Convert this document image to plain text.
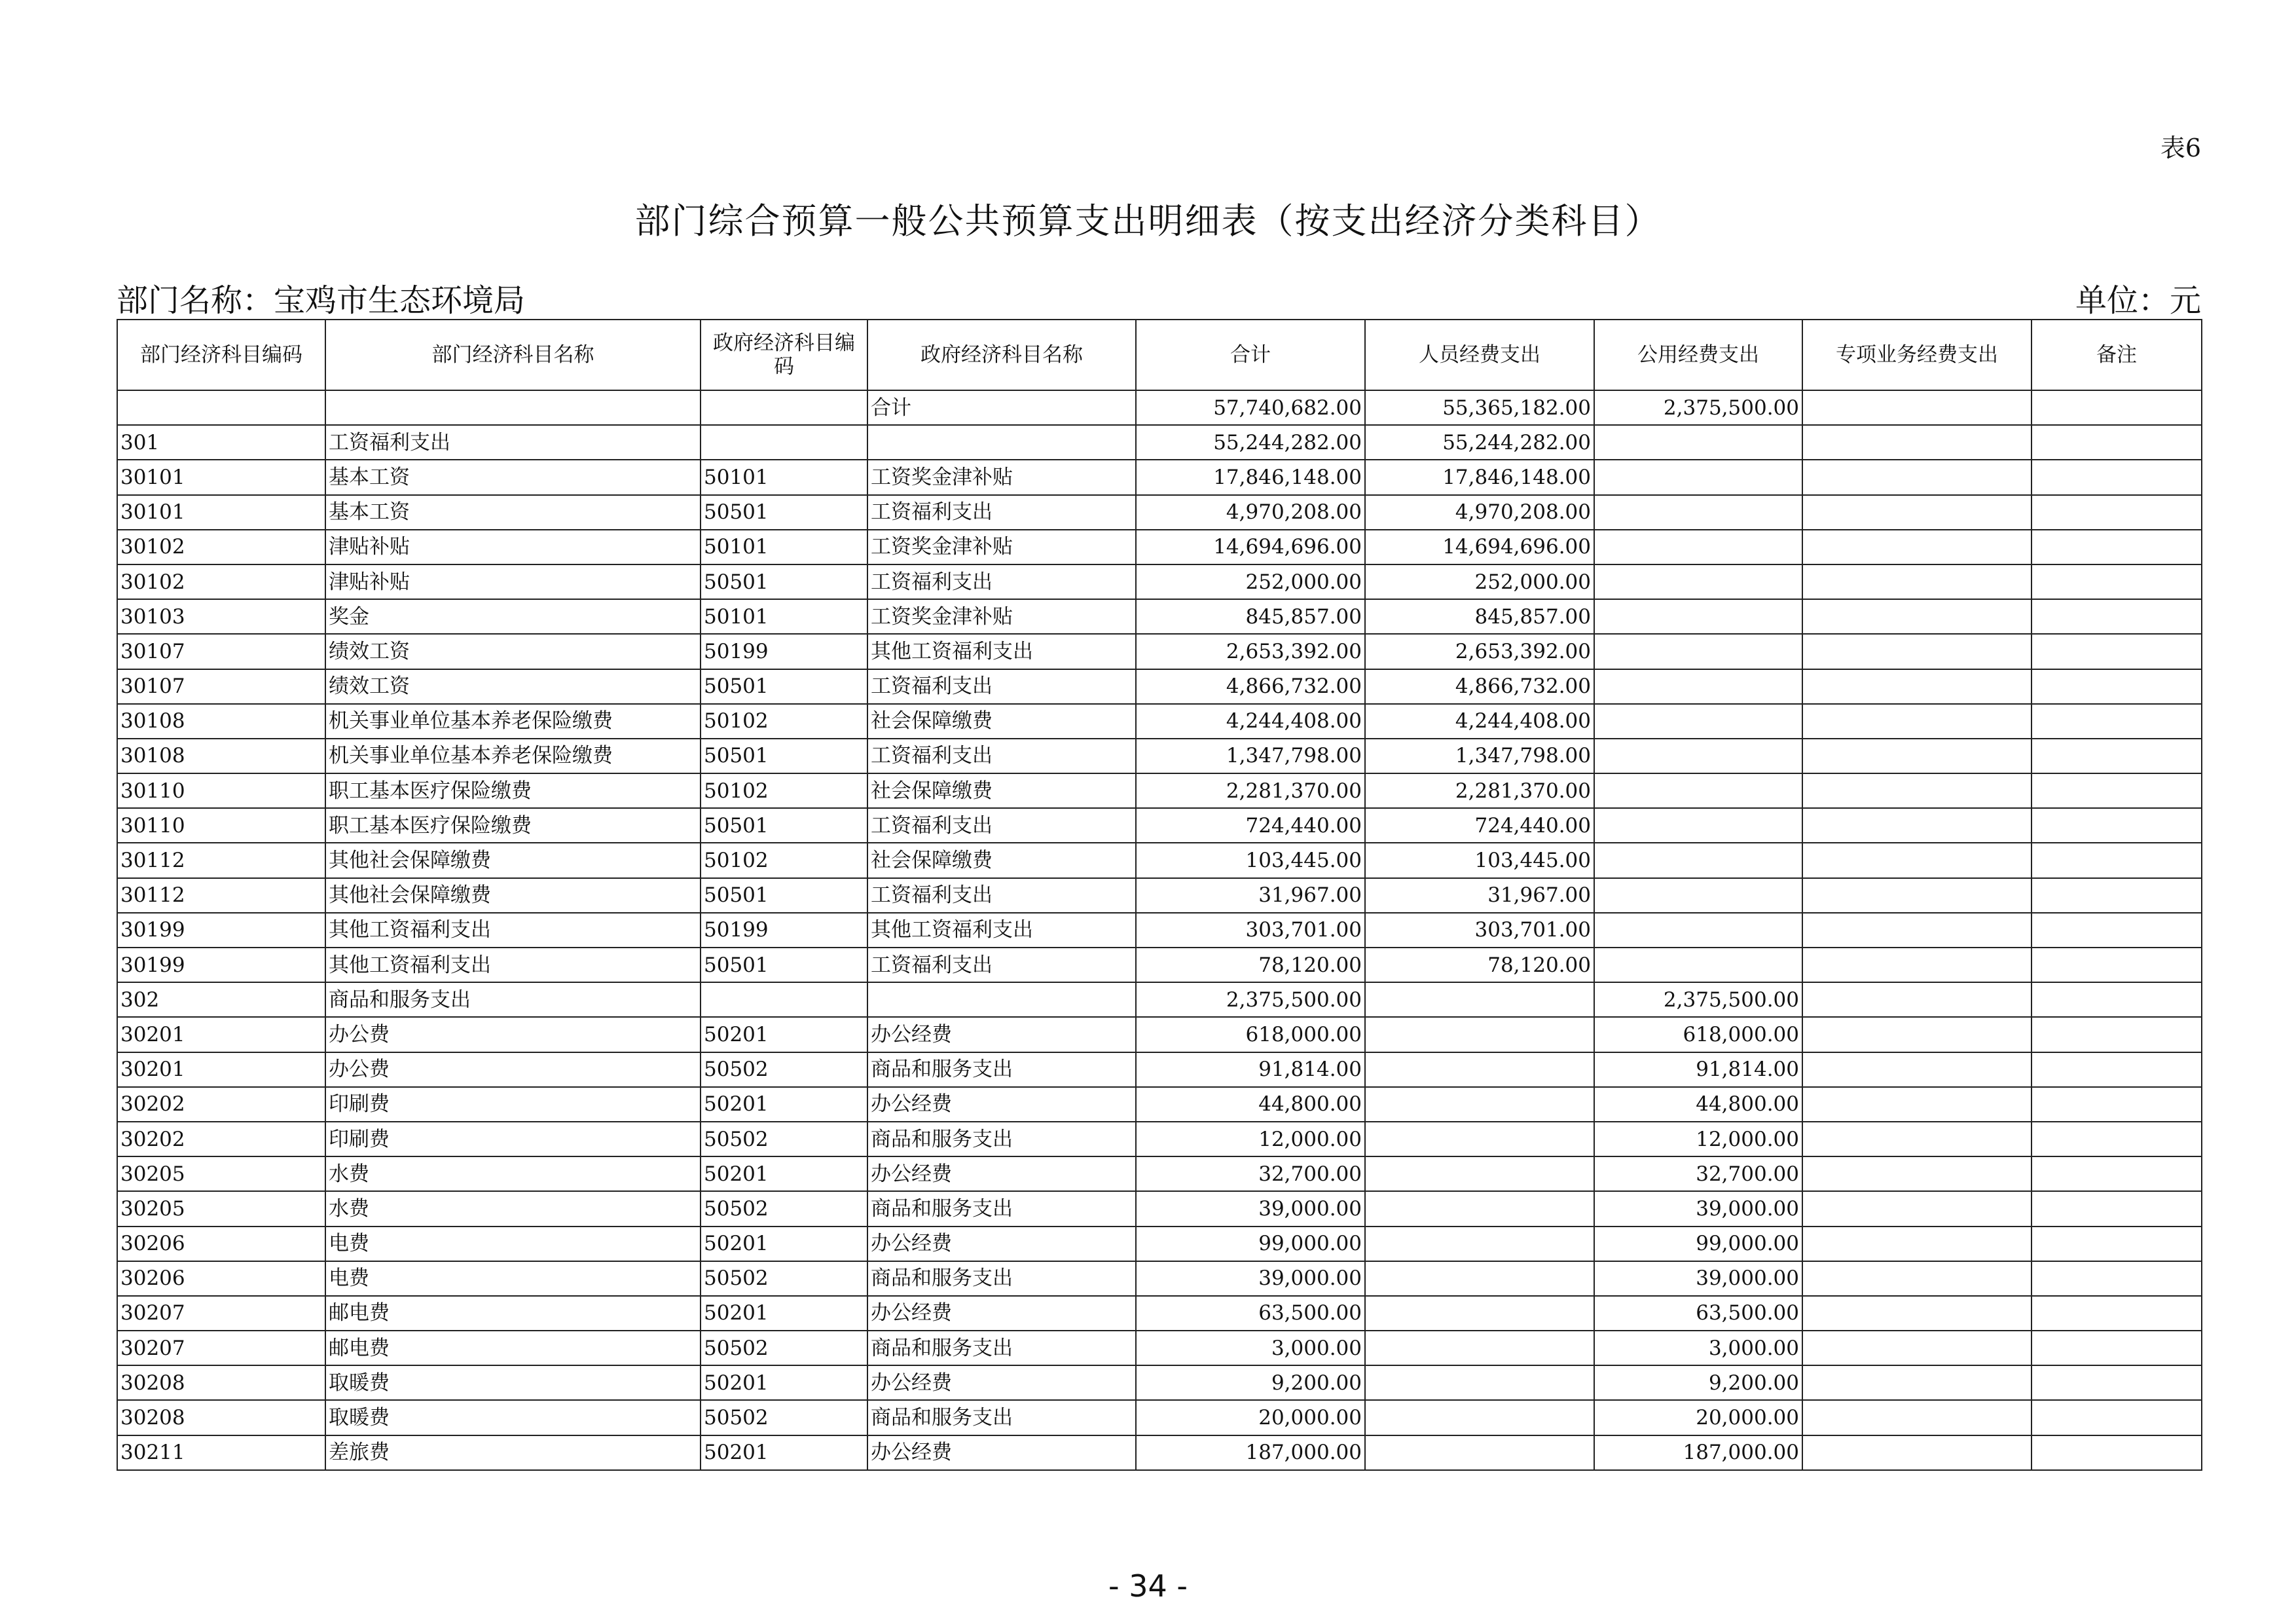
表6
部门综合预算一般公共预算支出明细表（按支出经济分类科目）
部门名称：宝鸡市生态环境局	单位：元
部门经济科目编码	部门经济科目名称	政府经济科目编码	政府经济科目名称	合计	人员经费支出	公用经费支出	专项业务经费支出	备注
			合计	57,740,682.00	55,365,182.00	2,375,500.00		
301	工资福利支出			55,244,282.00	55,244,282.00			
30101	基本工资	50101	工资奖金津补贴	17,846,148.00	17,846,148.00			
30101	基本工资	50501	工资福利支出	4,970,208.00	4,970,208.00			
30102	津贴补贴	50101	工资奖金津补贴	14,694,696.00	14,694,696.00			
30102	津贴补贴	50501	工资福利支出	252,000.00	252,000.00			
30103	奖金	50101	工资奖金津补贴	845,857.00	845,857.00			
30107	绩效工资	50199	其他工资福利支出	2,653,392.00	2,653,392.00			
30107	绩效工资	50501	工资福利支出	4,866,732.00	4,866,732.00			
30108	机关事业单位基本养老保险缴费	50102	社会保障缴费	4,244,408.00	4,244,408.00			
30108	机关事业单位基本养老保险缴费	50501	工资福利支出	1,347,798.00	1,347,798.00			
30110	职工基本医疗保险缴费	50102	社会保障缴费	2,281,370.00	2,281,370.00			
30110	职工基本医疗保险缴费	50501	工资福利支出	724,440.00	724,440.00			
30112	其他社会保障缴费	50102	社会保障缴费	103,445.00	103,445.00			
30112	其他社会保障缴费	50501	工资福利支出	31,967.00	31,967.00			
30199	其他工资福利支出	50199	其他工资福利支出	303,701.00	303,701.00			
30199	其他工资福利支出	50501	工资福利支出	78,120.00	78,120.00			
302	商品和服务支出			2,375,500.00		2,375,500.00		
30201	办公费	50201	办公经费	618,000.00		618,000.00		
30201	办公费	50502	商品和服务支出	91,814.00		91,814.00		
30202	印刷费	50201	办公经费	44,800.00		44,800.00		
30202	印刷费	50502	商品和服务支出	12,000.00		12,000.00		
30205	水费	50201	办公经费	32,700.00		32,700.00		
30205	水费	50502	商品和服务支出	39,000.00		39,000.00		
30206	电费	50201	办公经费	99,000.00		99,000.00		
30206	电费	50502	商品和服务支出	39,000.00		39,000.00		
30207	邮电费	50201	办公经费	63,500.00		63,500.00		
30207	邮电费	50502	商品和服务支出	3,000.00		3,000.00		
30208	取暖费	50201	办公经费	9,200.00		9,200.00		
30208	取暖费	50502	商品和服务支出	20,000.00		20,000.00		
30211	差旅费	50201	办公经费	187,000.00		187,000.00		
- 34 -
